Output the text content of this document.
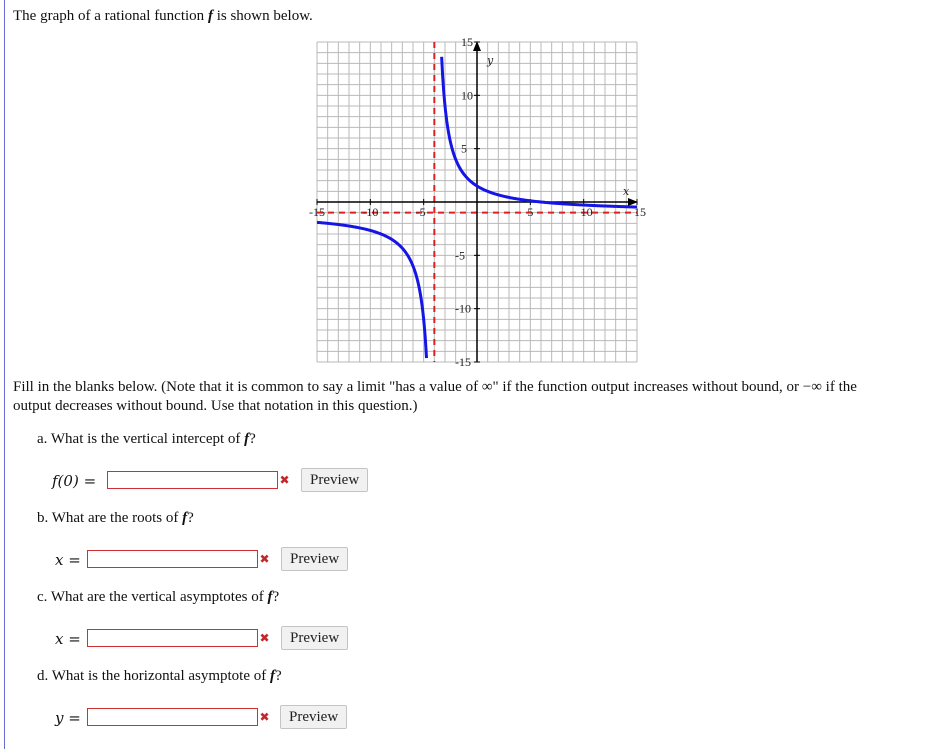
The graph of a rational function f is shown below.
-15	-10	-5	5	10	15
15
10
5
-5
-10
-15
x
y
Fill in the blanks below. (Note that it is common to say a limit "has a value of ∞" if the function output increases without bound, or −∞ if the
output decreases without bound. Use that notation in this question.)
a. What is the vertical intercept of f?
f(0) =	✖	Preview
b. What are the roots of f?
x =	✖	Preview
c. What are the vertical asymptotes of f?
x =	✖	Preview
d. What is the horizontal asymptote of f?
y =	✖	Preview
